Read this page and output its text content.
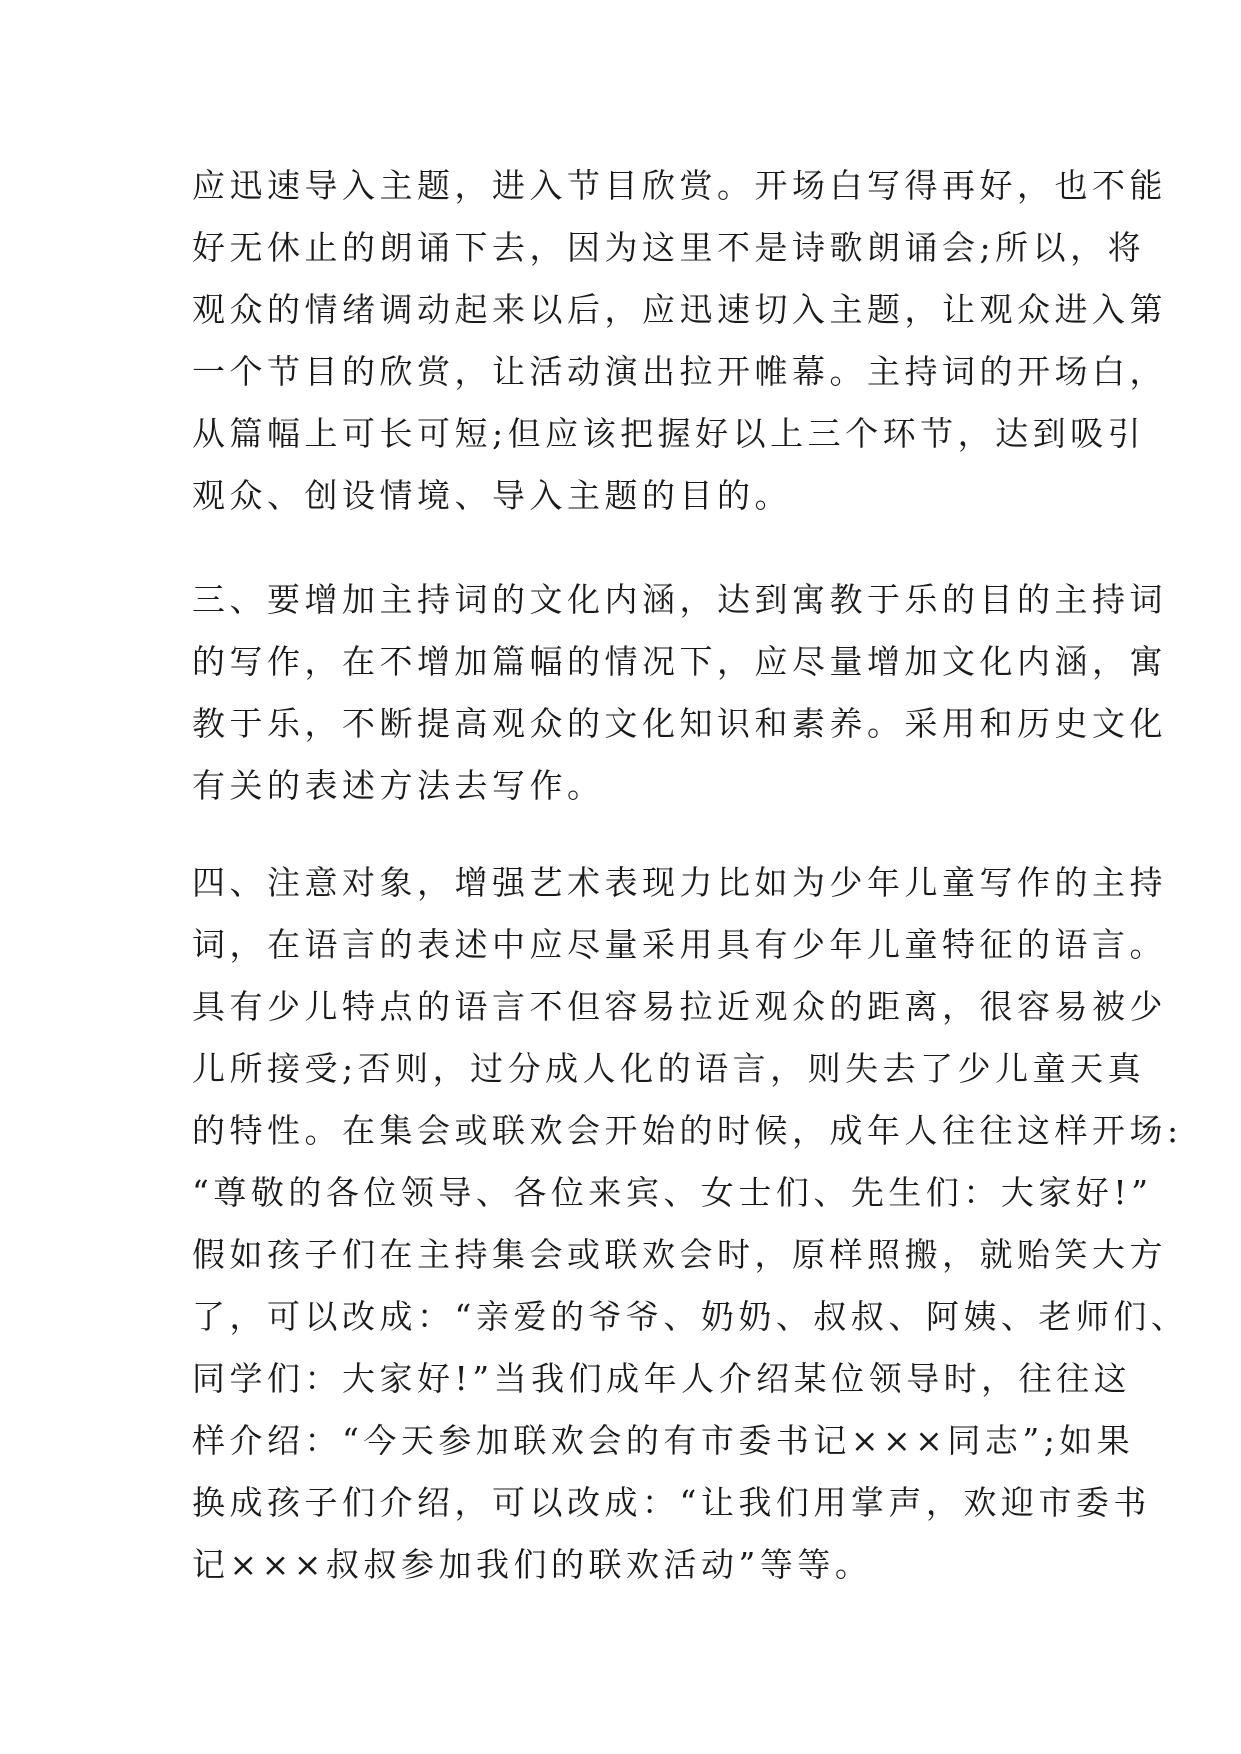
应迅速导入主题，进入节目欣赏。开场白写得再好，也不能
好无休止的朗诵下去，因为这里不是诗歌朗诵会;所以，将
观众的情绪调动起来以后，应迅速切入主题，让观众进入第
一个节目的欣赏，让活动演出拉开帷幕。主持词的开场白，
从篇幅上可长可短;但应该把握好以上三个环节，达到吸引
观众、创设情境、导入主题的目的。
三、要增加主持词的文化内涵，达到寓教于乐的目的主持词
的写作，在不增加篇幅的情况下，应尽量增加文化内涵，寓
教于乐，不断提高观众的文化知识和素养。采用和历史文化
有关的表述方法去写作。
四、注意对象，增强艺术表现力比如为少年儿童写作的主持
词，在语言的表述中应尽量采用具有少年儿童特征的语言。
具有少儿特点的语言不但容易拉近观众的距离，很容易被少
儿所接受;否则，过分成人化的语言，则失去了少儿童天真
的特性。在集会或联欢会开始的时候，成年人往往这样开场:
“尊敬的各位领导、各位来宾、女士们、先生们：大家好!”
假如孩子们在主持集会或联欢会时，原样照搬，就贻笑大方
了，可以改成：“亲爱的爷爷、奶奶、叔叔、阿姨、老师们、
同学们：大家好!”当我们成年人介绍某位领导时，往往这
样介绍：“今天参加联欢会的有市委书记×××同志”;如果
换成孩子们介绍，可以改成：“让我们用掌声，欢迎市委书
记×××叔叔参加我们的联欢活动”等等。
